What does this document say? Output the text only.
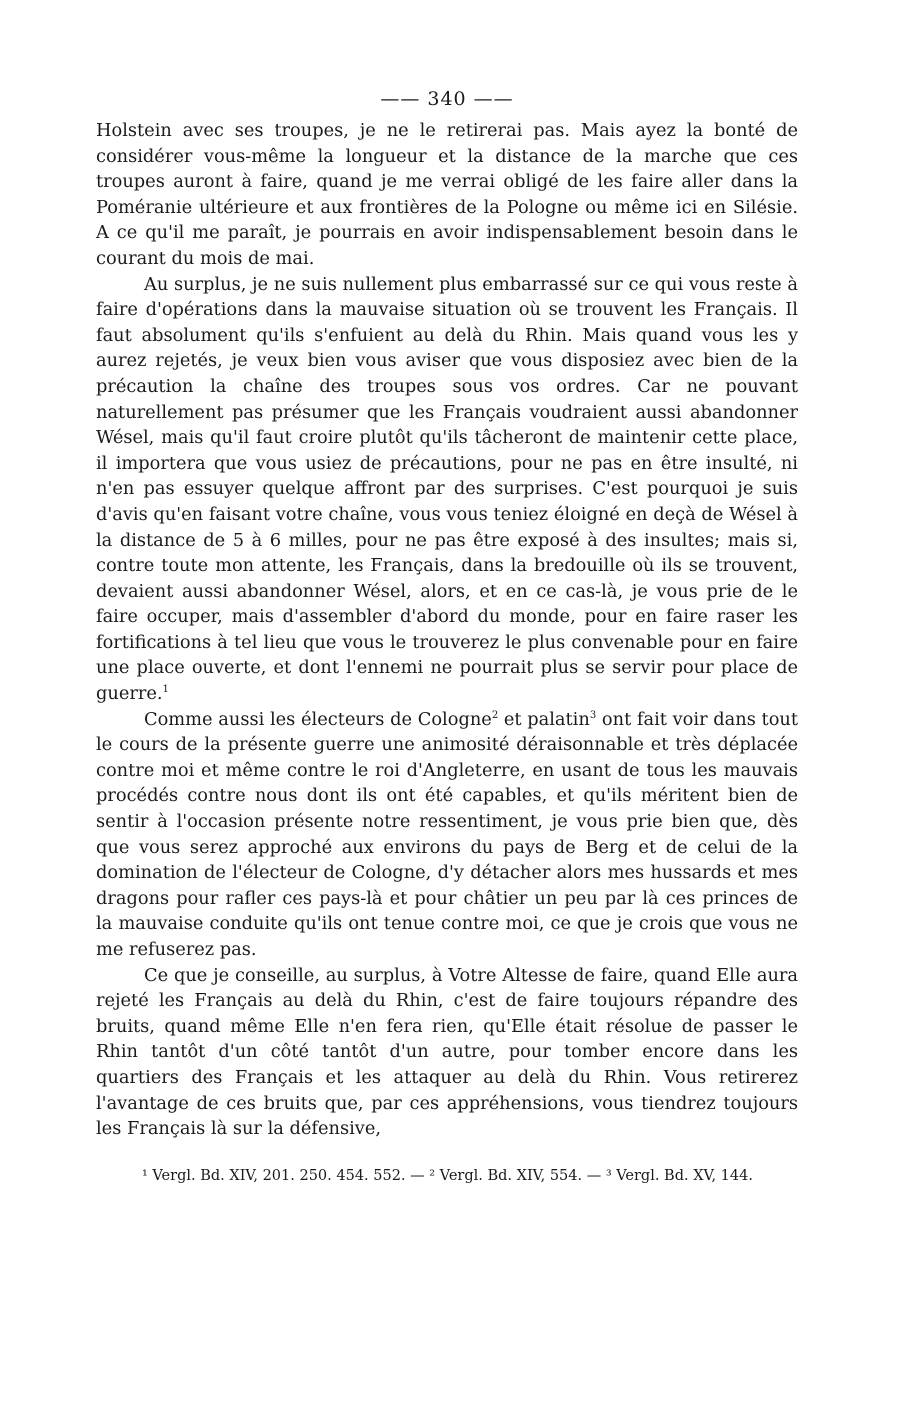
—— 340 ——

Holstein avec ses troupes, je ne le retirerai pas. Mais ayez la bonté de considérer vous-même la longueur et la distance de la marche que ces troupes auront à faire, quand je me verrai obligé de les faire aller dans la Poméranie ultérieure et aux frontières de la Pologne ou même ici en Silésie. A ce qu'il me paraît, je pourrais en avoir indispensablement besoin dans le courant du mois de mai.

Au surplus, je ne suis nullement plus embarrassé sur ce qui vous reste à faire d'opérations dans la mauvaise situation où se trouvent les Français. Il faut absolument qu'ils s'enfuient au delà du Rhin. Mais quand vous les y aurez rejetés, je veux bien vous aviser que vous disposiez avec bien de la précaution la chaîne des troupes sous vos ordres. Car ne pouvant naturellement pas présumer que les Français voudraient aussi abandonner Wésel, mais qu'il faut croire plutôt qu'ils tâcheront de maintenir cette place, il importera que vous usiez de précautions, pour ne pas en être insulté, ni n'en pas essuyer quelque affront par des surprises. C'est pourquoi je suis d'avis qu'en faisant votre chaîne, vous vous teniez éloigné en deçà de Wésel à la distance de 5 à 6 milles, pour ne pas être exposé à des insultes; mais si, contre toute mon attente, les Français, dans la bredouille où ils se trouvent, devaient aussi abandonner Wésel, alors, et en ce cas-là, je vous prie de le faire occuper, mais d'assembler d'abord du monde, pour en faire raser les fortifications à tel lieu que vous le trouverez le plus convenable pour en faire une place ouverte, et dont l'ennemi ne pourrait plus se servir pour place de guerre.$^1$

Comme aussi les électeurs de Cologne$^2$ et palatin$^3$ ont fait voir dans tout le cours de la présente guerre une animosité déraisonnable et très déplacée contre moi et même contre le roi d'Angleterre, en usant de tous les mauvais procédés contre nous dont ils ont été capables, et qu'ils méritent bien de sentir à l'occasion présente notre ressentiment, je vous prie bien que, dès que vous serez approché aux environs du pays de Berg et de celui de la domination de l'électeur de Cologne, d'y détacher alors mes hussards et mes dragons pour rafler ces pays-là et pour châtier un peu par là ces princes de la mauvaise conduite qu'ils ont tenue contre moi, ce que je crois que vous ne me refuserez pas.

Ce que je conseille, au surplus, à Votre Altesse de faire, quand Elle aura rejeté les Français au delà du Rhin, c'est de faire toujours répandre des bruits, quand même Elle n'en fera rien, qu'Elle était résolue de passer le Rhin tantôt d'un côté tantôt d'un autre, pour tomber encore dans les quartiers des Français et les attaquer au delà du Rhin. Vous retirerez l'avantage de ces bruits que, par ces appréhensions, vous tiendrez toujours les Français là sur la défensive,

¹ Vergl. Bd. XIV, 201. 250. 454. 552. — ² Vergl. Bd. XIV, 554. — ³ Vergl. Bd. XV, 144.
